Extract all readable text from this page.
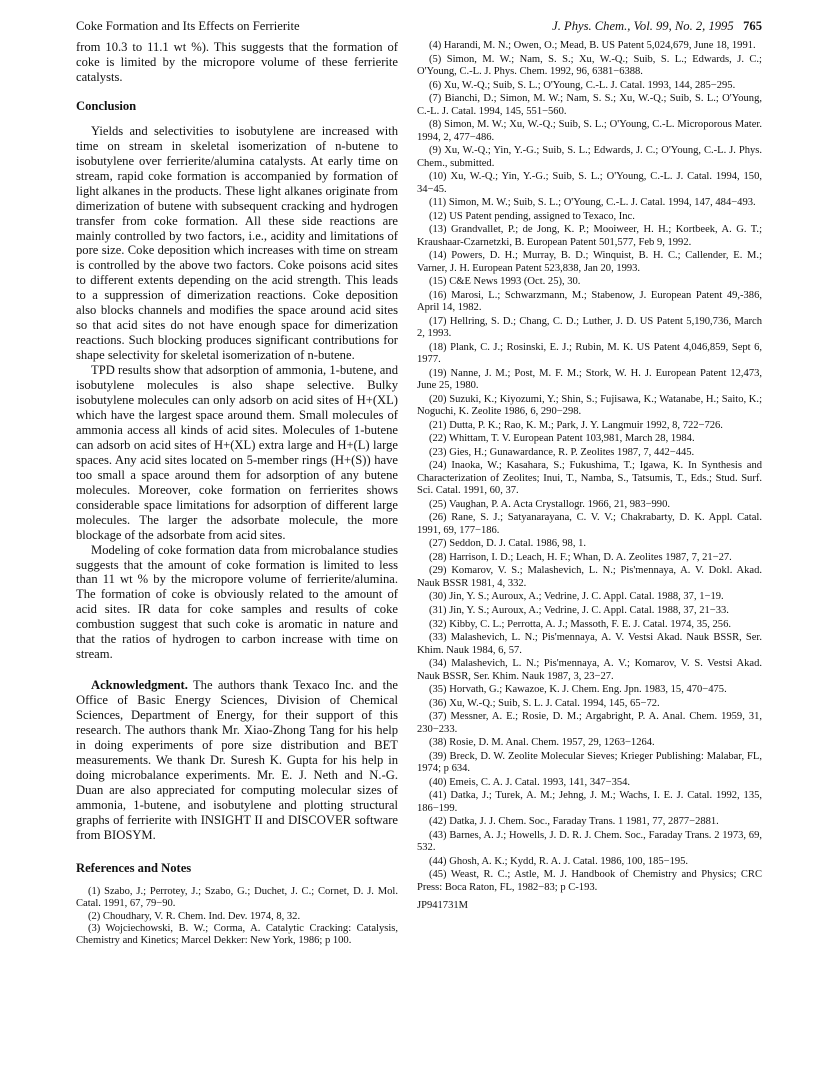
Coke Formation and Its Effects on Ferrierite	J. Phys. Chem., Vol. 99, No. 2, 1995 765

from 10.3 to 11.1 wt %). This suggests that the formation of coke is limited by the micropore volume of these ferrierite catalysts.

Conclusion

Yields and selectivities to isobutylene are increased with time on stream in skeletal isomerization of n-butene to isobutylene over ferrierite/alumina catalysts. At early time on stream, rapid coke formation is accompanied by formation of light alkanes in the products. These light alkanes originate from dimerization of butene with subsequent cracking and hydrogen transfer from coke formation. All these side reactions are mainly controlled by two factors, i.e., acidity and limitations of pore size. Coke deposition which increases with time on stream is controlled by the above two factors. Coke poisons acid sites to different extents depending on the acid strength. This leads to a suppression of dimerization reactions. Coke deposition also blocks channels and modifies the space around acid sites so that acid sites do not have enough space for dimerization reactions. Such blocking produces significant contributions for shape selectivity for skeletal isomerization of n-butene.

TPD results show that adsorption of ammonia, 1-butene, and isobutylene molecules is also shape selective. Bulky isobutylene molecules can only adsorb on acid sites of H+(XL) which have the largest space around them. Small molecules of ammonia access all kinds of acid sites. Molecules of 1-butene can adsorb on acid sites of H+(XL) extra large and H+(L) large spaces. Any acid sites located on 5-member rings (H+(S)) have too small a space around them for adsorption of any butene molecules. Moreover, coke formation on ferrierites shows considerable space limitations for adsorption of different large molecules. The larger the adsorbate molecule, the more blockage of the adsorbate from acid sites.

Modeling of coke formation data from microbalance studies suggests that the amount of coke formation is limited to less than 11 wt % by the micropore volume of ferrierite/alumina. The formation of coke is obviously related to the amount of acid sites. IR data for coke samples and results of coke combustion suggest that such coke is aromatic in nature and that the ratios of hydrogen to carbon increase with time on stream.

Acknowledgment. The authors thank Texaco Inc. and the Office of Basic Energy Sciences, Division of Chemical Sciences, Department of Energy, for their support of this research. The authors thank Mr. Xiao-Zhong Tang for his help in doing experiments of pore size distribution and BET measurements. We thank Dr. Suresh K. Gupta for his help in doing microbalance experiments. Mr. E. J. Neth and N.-G. Duan are also appreciated for computing molecular sizes of ammonia, 1-butene, and isobutylene and plotting structural graphs of ferrierite with INSIGHT II and DISCOVER software from BIOSYM.

References and Notes

(1) Szabo, J.; Perrotey, J.; Szabo, G.; Duchet, J. C.; Cornet, D. J. Mol. Catal. 1991, 67, 79−90.

(2) Choudhary, V. R. Chem. Ind. Dev. 1974, 8, 32.

(3) Wojciechowski, B. W.; Corma, A. Catalytic Cracking: Catalysis, Chemistry and Kinetics; Marcel Dekker: New York, 1986; p 100.

(4) Harandi, M. N.; Owen, O.; Mead, B. US Patent 5,024,679, June 18, 1991.

(5) Simon, M. W.; Nam, S. S.; Xu, W.-Q.; Suib, S. L.; Edwards, J. C.; O'Young, C.-L. J. Phys. Chem. 1992, 96, 6381−6388.

(6) Xu, W.-Q.; Suib, S. L.; O'Young, C.-L. J. Catal. 1993, 144, 285−295.

(7) Bianchi, D.; Simon, M. W.; Nam, S. S.; Xu, W.-Q.; Suib, S. L.; O'Young, C.-L. J. Catal. 1994, 145, 551−560.

(8) Simon, M. W.; Xu, W.-Q.; Suib, S. L.; O'Young, C.-L. Microporous Mater. 1994, 2, 477−486.

(9) Xu, W.-Q.; Yin, Y.-G.; Suib, S. L.; Edwards, J. C.; O'Young, C.-L. J. Phys. Chem., submitted.

(10) Xu, W.-Q.; Yin, Y.-G.; Suib, S. L.; O'Young, C.-L. J. Catal. 1994, 150, 34−45.

(11) Simon, M. W.; Suib, S. L.; O'Young, C.-L. J. Catal. 1994, 147, 484−493.

(12) US Patent pending, assigned to Texaco, Inc.

(13) Grandvallet, P.; de Jong, K. P.; Mooiweer, H. H.; Kortbeek, A. G. T.; Kraushaar-Czarnetzki, B. European Patent 501,577, Feb 9, 1992.

(14) Powers, D. H.; Murray, B. D.; Winquist, B. H. C.; Callender, E. M.; Varner, J. H. European Patent 523,838, Jan 20, 1993.

(15) C&E News 1993 (Oct. 25), 30.

(16) Marosi, L.; Schwarzmann, M.; Stabenow, J. European Patent 49,-386, April 14, 1982.

(17) Hellring, S. D.; Chang, C. D.; Luther, J. D. US Patent 5,190,736, March 2, 1993.

(18) Plank, C. J.; Rosinski, E. J.; Rubin, M. K. US Patent 4,046,859, Sept 6, 1977.

(19) Nanne, J. M.; Post, M. F. M.; Stork, W. H. J. European Patent 12,473, June 25, 1980.

(20) Suzuki, K.; Kiyozumi, Y.; Shin, S.; Fujisawa, K.; Watanabe, H.; Saito, K.; Noguchi, K. Zeolite 1986, 6, 290−298.

(21) Dutta, P. K.; Rao, K. M.; Park, J. Y. Langmuir 1992, 8, 722−726.

(22) Whittam, T. V. European Patent 103,981, March 28, 1984.

(23) Gies, H.; Gunawardance, R. P. Zeolites 1987, 7, 442−445.

(24) Inaoka, W.; Kasahara, S.; Fukushima, T.; Igawa, K. In Synthesis and Characterization of Zeolites; Inui, T., Namba, S., Tatsumis, T., Eds.; Stud. Surf. Sci. Catal. 1991, 60, 37.

(25) Vaughan, P. A. Acta Crystallogr. 1966, 21, 983−990.

(26) Rane, S. J.; Satyanarayana, C. V. V.; Chakrabarty, D. K. Appl. Catal. 1991, 69, 177−186.

(27) Seddon, D. J. Catal. 1986, 98, 1.

(28) Harrison, I. D.; Leach, H. F.; Whan, D. A. Zeolites 1987, 7, 21−27.

(29) Komarov, V. S.; Malashevich, L. N.; Pis'mennaya, A. V. Dokl. Akad. Nauk BSSR 1981, 4, 332.

(30) Jin, Y. S.; Auroux, A.; Vedrine, J. C. Appl. Catal. 1988, 37, 1−19.

(31) Jin, Y. S.; Auroux, A.; Vedrine, J. C. Appl. Catal. 1988, 37, 21−33.

(32) Kibby, C. L.; Perrotta, A. J.; Massoth, F. E. J. Catal. 1974, 35, 256.

(33) Malashevich, L. N.; Pis'mennaya, A. V. Vestsi Akad. Nauk BSSR, Ser. Khim. Nauk 1984, 6, 57.

(34) Malashevich, L. N.; Pis'mennaya, A. V.; Komarov, V. S. Vestsi Akad. Nauk BSSR, Ser. Khim. Nauk 1987, 3, 23−27.

(35) Horvath, G.; Kawazoe, K. J. Chem. Eng. Jpn. 1983, 15, 470−475.

(36) Xu, W.-Q.; Suib, S. L. J. Catal. 1994, 145, 65−72.

(37) Messner, A. E.; Rosie, D. M.; Argabright, P. A. Anal. Chem. 1959, 31, 230−233.

(38) Rosie, D. M. Anal. Chem. 1957, 29, 1263−1264.

(39) Breck, D. W. Zeolite Molecular Sieves; Krieger Publishing: Malabar, FL, 1974; p 634.

(40) Emeis, C. A. J. Catal. 1993, 141, 347−354.

(41) Datka, J.; Turek, A. M.; Jehng, J. M.; Wachs, I. E. J. Catal. 1992, 135, 186−199.

(42) Datka, J. J. Chem. Soc., Faraday Trans. 1 1981, 77, 2877−2881.

(43) Barnes, A. J.; Howells, J. D. R. J. Chem. Soc., Faraday Trans. 2 1973, 69, 532.

(44) Ghosh, A. K.; Kydd, R. A. J. Catal. 1986, 100, 185−195.

(45) Weast, R. C.; Astle, M. J. Handbook of Chemistry and Physics; CRC Press: Boca Raton, FL, 1982−83; p C-193.

JP941731M
